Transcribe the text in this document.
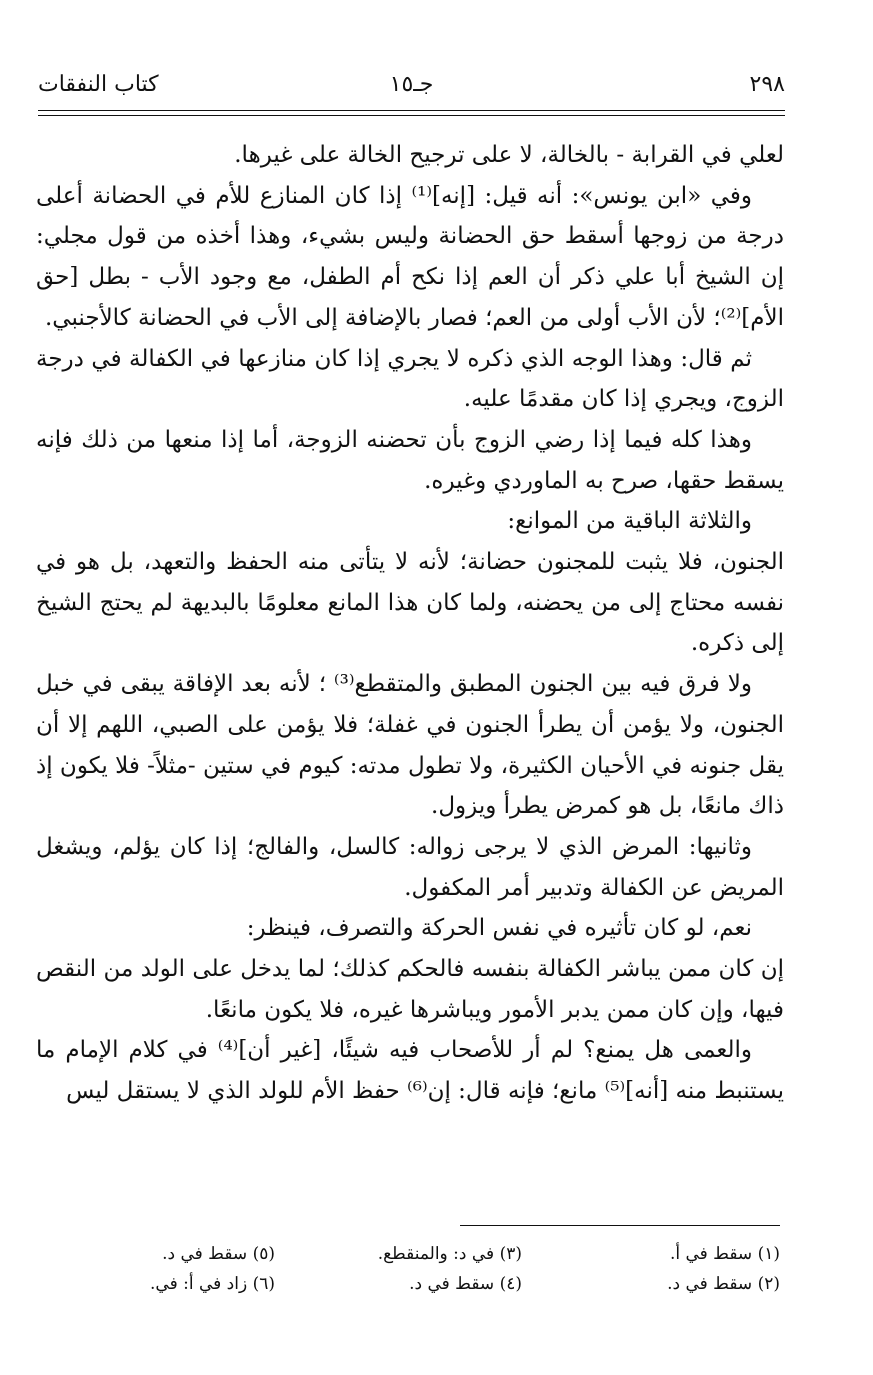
٢٩٨
جـ١٥
كتاب النفقات

لعلي في القرابة - بالخالة، لا على ترجيح الخالة على غيرها.

وفي «ابن يونس»: أنه قيل: [إنه]⁽¹⁾ إذا كان المنازع للأم في الحضانة أعلى درجة من زوجها أسقط حق الحضانة وليس بشيء، وهذا أخذه من قول مجلي: إن الشيخ أبا علي ذكر أن العم إذا نكح أم الطفل، مع وجود الأب - بطل [حق الأم]⁽²⁾؛ لأن الأب أولى من العم؛ فصار بالإضافة إلى الأب في الحضانة كالأجنبي.

ثم قال: وهذا الوجه الذي ذكره لا يجري إذا كان منازعها في الكفالة في درجة الزوج، ويجري إذا كان مقدمًا عليه.

وهذا كله فيما إذا رضي الزوج بأن تحضنه الزوجة، أما إذا منعها من ذلك فإنه يسقط حقها، صرح به الماوردي وغيره.

والثلاثة الباقية من الموانع:

الجنون، فلا يثبت للمجنون حضانة؛ لأنه لا يتأتى منه الحفظ والتعهد، بل هو في نفسه محتاج إلى من يحضنه، ولما كان هذا المانع معلومًا بالبديهة لم يحتج الشيخ إلى ذكره.

ولا فرق فيه بين الجنون المطبق والمتقطع⁽³⁾ ؛ لأنه بعد الإفاقة يبقى في خبل الجنون، ولا يؤمن أن يطرأ الجنون في غفلة؛ فلا يؤمن على الصبي، اللهم إلا أن يقل جنونه في الأحيان الكثيرة، ولا تطول مدته: كيوم في ستين -مثلاً- فلا يكون إذ ذاك مانعًا، بل هو كمرض يطرأ ويزول.

وثانيها: المرض الذي لا يرجى زواله: كالسل، والفالج؛ إذا كان يؤلم، ويشغل المريض عن الكفالة وتدبير أمر المكفول.

نعم، لو كان تأثيره في نفس الحركة والتصرف، فينظر:

إن كان ممن يباشر الكفالة بنفسه فالحكم كذلك؛ لما يدخل على الولد من النقص فيها، وإن كان ممن يدبر الأمور ويباشرها غيره، فلا يكون مانعًا.

والعمى هل يمنع؟ لم أر للأصحاب فيه شيئًا، [غير أن]⁽⁴⁾ في كلام الإمام ما يستنبط منه [أنه]⁽⁵⁾ مانع؛ فإنه قال: إن⁽⁶⁾ حفظ الأم للولد الذي لا يستقل ليس

(١) سقط في أ.
(٢) سقط في د.
(٣) في د: والمنقطع.
(٤) سقط في د.
(٥) سقط في د.
(٦) زاد في أ: في.
